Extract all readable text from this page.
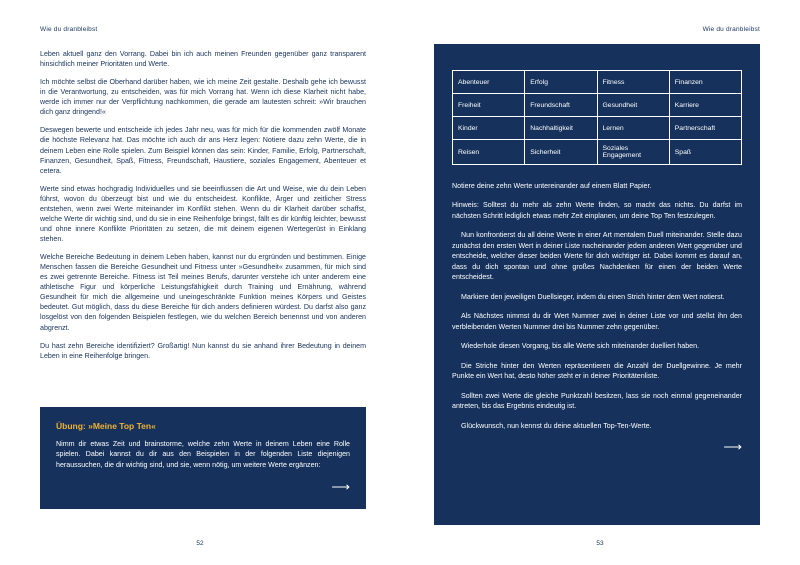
Wie du dranbleibst

Leben aktuell ganz den Vorrang. Dabei bin ich auch meinen Freunden gegenüber ganz transparent hinsichtlich meiner Prioritäten und Werte.

Ich möchte selbst die Oberhand darüber haben, wie ich meine Zeit gestalte. Deshalb gehe ich bewusst in die Verantwortung, zu entscheiden, was für mich Vorrang hat. Wenn ich diese Klarheit nicht habe, werde ich immer nur der Verpflichtung nachkommen, die gerade am lautesten schreit: »Wir brauchen dich ganz dringend!«

Deswegen bewerte und entscheide ich jedes Jahr neu, was für mich für die kommenden zwölf Monate die höchste Relevanz hat. Das möchte ich auch dir ans Herz legen: Notiere dazu zehn Werte, die in deinem Leben eine Rolle spielen. Zum Beispiel können das sein: Kinder, Familie, Erfolg, Partnerschaft, Finanzen, Gesundheit, Spaß, Fitness, Freundschaft, Haustiere, soziales Engagement, Abenteuer et cetera.

Werte sind etwas hochgradig Individuelles und sie beeinflussen die Art und Weise, wie du dein Leben führst, wovon du überzeugt bist und wie du entscheidest. Konflikte, Ärger und zeitlicher Stress entstehen, wenn zwei Werte miteinander im Konflikt stehen. Wenn du dir Klarheit darüber schaffst, welche Werte dir wichtig sind, und du sie in eine Reihenfolge bringst, fällt es dir künftig leichter, bewusst und ohne innere Konflikte Prioritäten zu setzen, die mit deinem eigenen Wertegerüst in Einklang stehen.

Welche Bereiche Bedeutung in deinem Leben haben, kannst nur du ergründen und bestimmen. Einige Menschen fassen die Bereiche Gesundheit und Fitness unter »Gesundheit« zusammen, für mich sind es zwei getrennte Bereiche. Fitness ist Teil meines Berufs, darunter verstehe ich unter anderem eine athletische Figur und körperliche Leistungsfähigkeit durch Training und Ernährung, während Gesundheit für mich die allgemeine und uneingeschränkte Funktion meines Körpers und Geistes bedeutet. Gut möglich, dass du diese Bereiche für dich anders definieren würdest. Du darfst also ganz losgelöst von den folgenden Beispielen festlegen, wie du welchen Bereich benennst und von anderen abgrenzt.

Du hast zehn Bereiche identifiziert? Großartig! Nun kannst du sie anhand ihrer Bedeutung in deinem Leben in eine Reihenfolge bringen.

Übung: »Meine Top Ten«
Nimm dir etwas Zeit und brainstorme, welche zehn Werte in deinem Leben eine Rolle spielen. Dabei kannst du dir aus den Beispielen in der folgenden Liste diejenigen heraussuchen, die dir wichtig sind, und sie, wenn nötig, um weitere Werte ergänzen:
⟶
52
Wie du dranbleibst
Abenteuer	Erfolg	Fitness	Finanzen
Freiheit	Freundschaft	Gesundheit	Karriere
Kinder	Nachhaltigkeit	Lernen	Partnerschaft
Reisen	Sicherheit	Soziales Engagement	Spaß

Notiere deine zehn Werte untereinander auf einem Blatt Papier.

Hinweis: Solltest du mehr als zehn Werte finden, so macht das nichts. Du darfst im nächsten Schritt lediglich etwas mehr Zeit einplanen, um deine Top Ten festzulegen.

Nun konfrontierst du all deine Werte in einer Art mentalem Duell miteinander. Stelle dazu zunächst den ersten Wert in deiner Liste nacheinander jedem anderen Wert gegenüber und entscheide, welcher dieser beiden Werte für dich wichtiger ist. Dabei kommt es darauf an, dass du dich spontan und ohne großes Nachdenken für einen der beiden Werte entscheidest.

Markiere den jeweiligen Duellsieger, indem du einen Strich hinter dem Wert notierst.

Als Nächstes nimmst du dir Wert Nummer zwei in deiner Liste vor und stellst ihn den verbleibenden Werten Nummer drei bis Nummer zehn gegenüber.

Wiederhole diesen Vorgang, bis alle Werte sich miteinander duelliert haben.

Die Striche hinter den Werten repräsentieren die Anzahl der Duellgewinne. Je mehr Punkte ein Wert hat, desto höher steht er in deiner Prioritätenliste.

Sollten zwei Werte die gleiche Punktzahl besitzen, lass sie noch einmal gegeneinander antreten, bis das Ergebnis eindeutig ist.

Glückwunsch, nun kennst du deine aktuellen Top-Ten-Werte.

⟶
53
